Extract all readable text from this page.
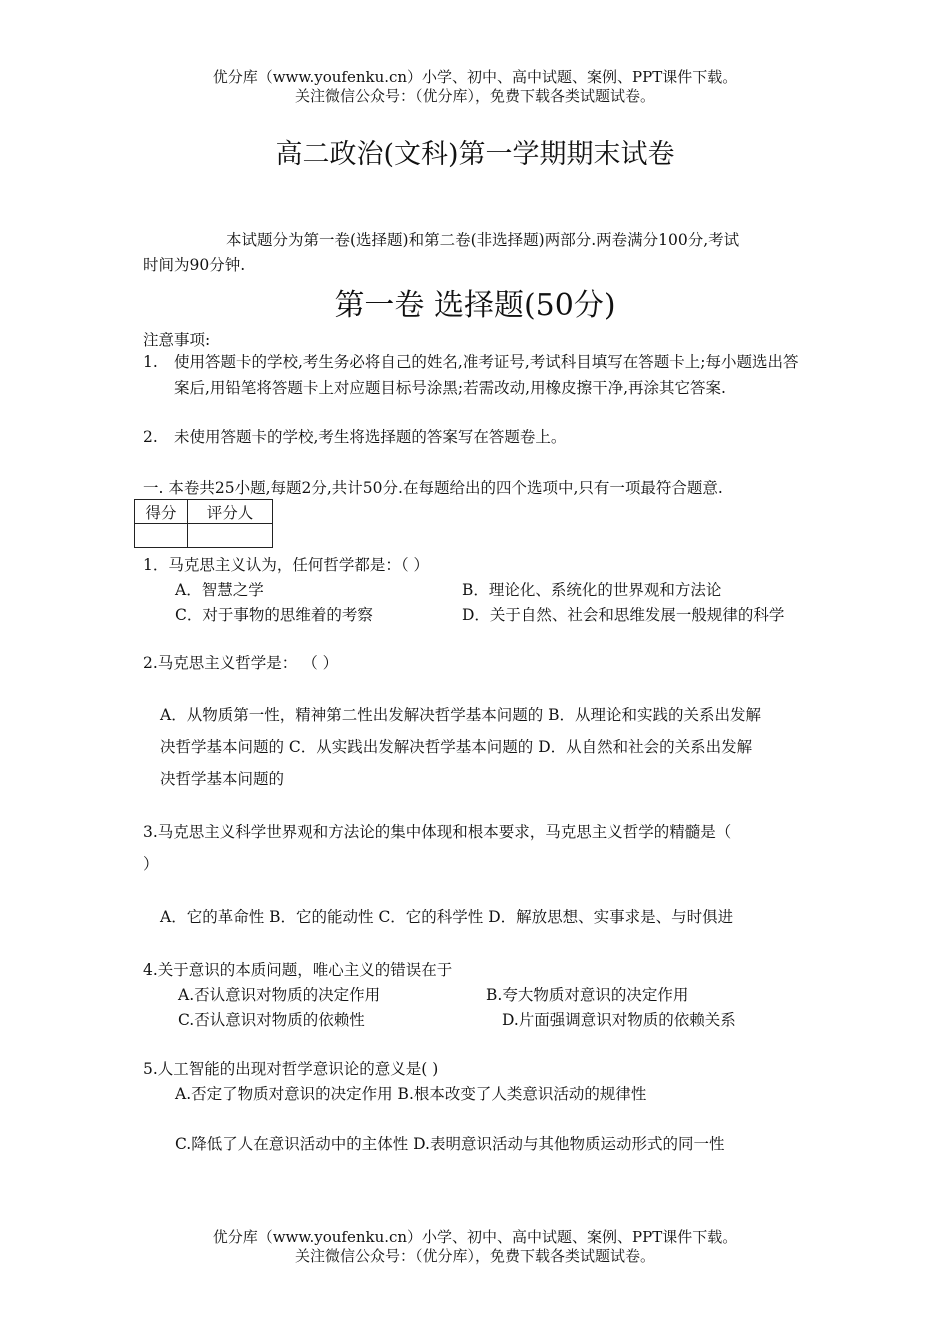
优分库（www.youfenku.cn）小学、初中、高中试题、案例、PPT课件下载。
关注微信公众号：（优分库），免费下载各类试题试卷。
高二政治(文科)第一学期期末试卷
本试题分为第一卷(选择题)和第二卷(非选择题)两部分.两卷满分100分,考试
时间为90分钟.
第一卷 选择题(50分)
注意事项:
1. 使用答题卡的学校,考生务必将自己的姓名,准考证号,考试科目填写在答题卡上;每小题选出答案后,用铅笔将答题卡上对应题目标号涂黑;若需改动,用橡皮擦干净,再涂其它答案.
2. 未使用答题卡的学校,考生将选择题的答案写在答题卷上。
一. 本卷共25小题,每题2分,共计50分.在每题给出的四个选项中,只有一项最符合题意.
得分	评分人

1．马克思主义认为，任何哲学都是：（ ）
A．智慧之学	B．理论化、系统化的世界观和方法论
C．对于事物的思维着的考察	D．关于自然、社会和思维发展一般规律的科学
2.马克思主义哲学是： （ ）
A．从物质第一性，精神第二性出发解决哲学基本问题的 B．从理论和实践的关系出发解
决哲学基本问题的 C．从实践出发解决哲学基本问题的 D．从自然和社会的关系出发解
决哲学基本问题的
3.马克思主义科学世界观和方法论的集中体现和根本要求，马克思主义哲学的精髓是（
）
A．它的革命性 B．它的能动性 C．它的科学性 D．解放思想、实事求是、与时俱进
4.关于意识的本质问题，唯心主义的错误在于
A.否认意识对物质的决定作用	B.夸大物质对意识的决定作用
C.否认意识对物质的依赖性	D.片面强调意识对物质的依赖关系
5.人工智能的出现对哲学意识论的意义是( )
A.否定了物质对意识的决定作用 B.根本改变了人类意识活动的规律性
C.降低了人在意识活动中的主体性 D.表明意识活动与其他物质运动形式的同一性
优分库（www.youfenku.cn）小学、初中、高中试题、案例、PPT课件下载。
关注微信公众号：（优分库），免费下载各类试题试卷。
